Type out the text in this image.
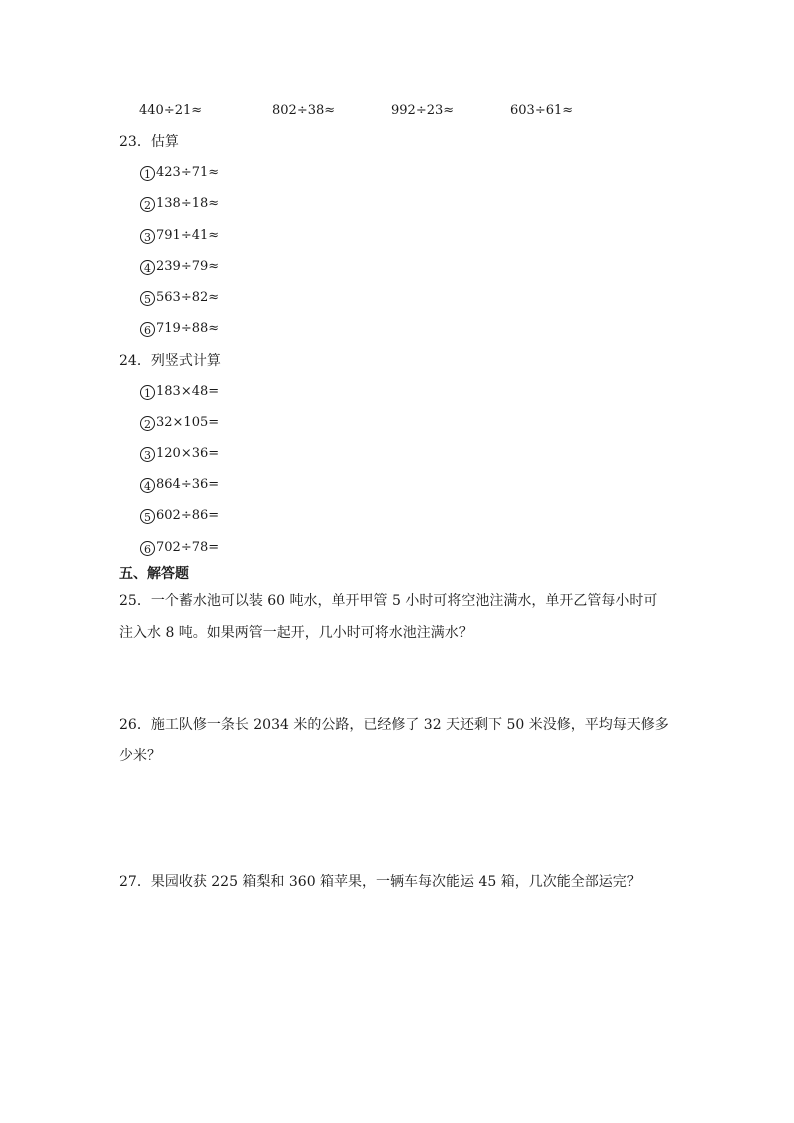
440÷21≈	802÷38≈	992÷23≈	603÷61≈
23．估算
1 423÷71≈
2 138÷18≈
3 791÷41≈
4 239÷79≈
5 563÷82≈
6 719÷88≈
24．列竖式计算
1 183×48=
2 32×105=
3 120×36=
4 864÷36=
5 602÷86=
6 702÷78=
五、解答题
25．一个蓄水池可以装 60 吨水，单开甲管 5 小时可将空池注满水，单开乙管每小时可
注入水 8 吨。如果两管一起开，几小时可将水池注满水？
26．施工队修一条长 2034 米的公路，已经修了 32 天还剩下 50 米没修，平均每天修多
少米？
27．果园收获 225 箱梨和 360 箱苹果，一辆车每次能运 45 箱，几次能全部运完？
